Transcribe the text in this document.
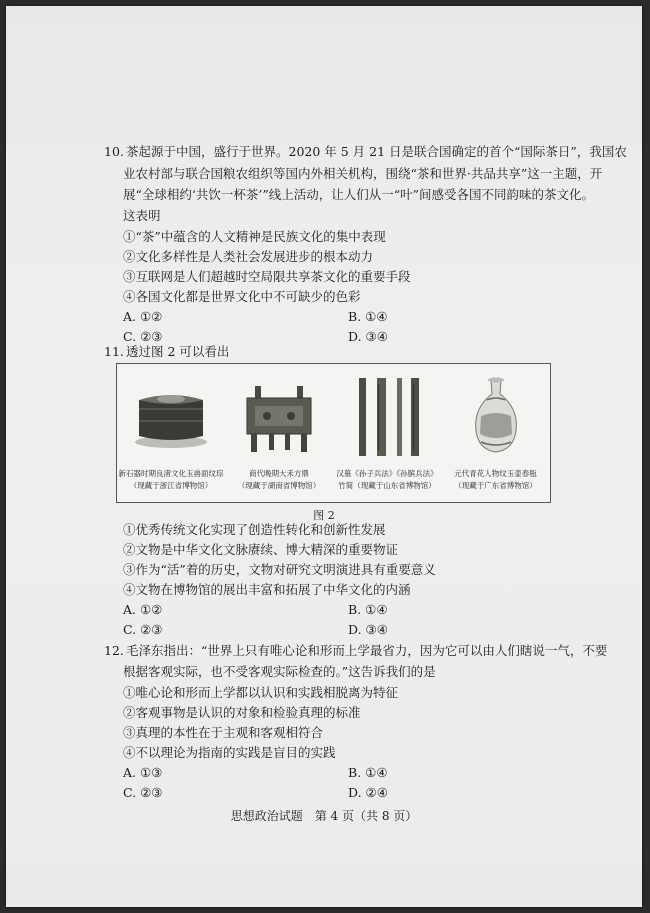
10. 茶起源于中国，盛行于世界。2020 年 5 月 21 日是联合国确定的首个“国际茶日”，我国农
业农村部与联合国粮农组织等国内外相关机构，围绕“茶和世界·共品共享”这一主题，开
展“全球相约‘共饮一杯茶’”线上活动，让人们从一“叶”间感受各国不同韵味的茶文化。
这表明
①“茶”中蕴含的人文精神是民族文化的集中表现
②文化多样性是人类社会发展进步的根本动力
③互联网是人们超越时空局限共享茶文化的重要手段
④各国文化都是世界文化中不可缺少的色彩
A. ①②	B. ①④
C. ②③	D. ③④
11. 透过图 2 可以看出
新石器时期良渚文化玉兽面纹琮
（现藏于浙江省博物馆）
商代晚期大禾方鼎
（现藏于湖南省博物馆）
汉墓《孙子兵法》《孙膑兵法》
竹简（现藏于山东省博物馆）
元代青花人物纹玉壶春瓶
（现藏于广东省博物馆）
图 2
①优秀传统文化实现了创造性转化和创新性发展
②文物是中华文化文脉赓续、博大精深的重要物证
③作为“活”着的历史，文物对研究文明演进具有重要意义
④文物在博物馆的展出丰富和拓展了中华文化的内涵
A. ①②	B. ①④
C. ②③	D. ③④
12. 毛泽东指出：“世界上只有唯心论和形而上学最省力，因为它可以由人们瞎说一气，不要
根据客观实际，也不受客观实际检查的。”这告诉我们的是
①唯心论和形而上学都以认识和实践相脱离为特征
②客观事物是认识的对象和检验真理的标准
③真理的本性在于主观和客观相符合
④不以理论为指南的实践是盲目的实践
A. ①③	B. ①④
C. ②③	D. ②④
思想政治试题　第 4 页（共 8 页）
